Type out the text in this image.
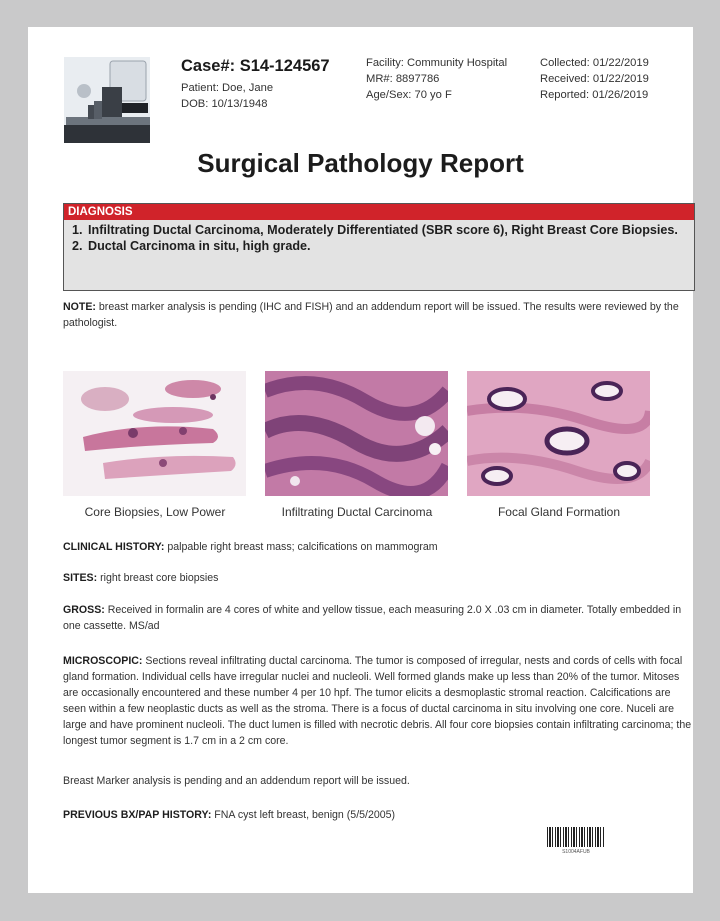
Case#: S14-124567
Patient: Doe, Jane
DOB: 10/13/1948
Facility: Community Hospital
MR#: 8897786
Age/Sex: 70 yo F
Collected: 01/22/2019
Received: 01/22/2019
Reported: 01/26/2019
Surgical Pathology Report
DIAGNOSIS
1. Infiltrating Ductal Carcinoma, Moderately Differentiated (SBR score 6), Right Breast Core Biopsies.
2. Ductal Carcinoma in situ, high grade.
NOTE: breast marker analysis is pending (IHC and FISH) and an addendum report will be issued. The results were reviewed by the pathologist.
Core Biopsies, Low Power	Infiltrating Ductal Carcinoma	Focal Gland Formation
CLINICAL HISTORY: palpable right breast mass; calcifications on mammogram
SITES: right breast core biopsies
GROSS: Received in formalin are 4 cores of white and yellow tissue, each measuring 2.0 X .03 cm in diameter. Totally embedded in one cassette. MS/ad
MICROSCOPIC: Sections reveal infiltrating ductal carcinoma. The tumor is composed of irregular, nests and cords of cells with focal gland formation. Individual cells have irregular nuclei and nucleoli. Well formed glands make up less than 20% of the tumor. Mitoses are occasionally encountered and these number 4 per 10 hpf. The tumor elicits a desmoplastic stromal reaction. Calcifications are seen within a few neoplastic ducts as well as the stroma. There is a focus of ductal carcinoma in situ involving one core. Nuceli are large and have prominent nucleoli. The duct lumen is filled with necrotic debris. All four core biopsies contain infiltrating carcinoma; the longest tumor segment is 1.7 cm in a 2 cm core.
Breast Marker analysis is pending and an addendum report will be issued.
PREVIOUS BX/PAP HISTORY: FNA cyst left breast, benign (5/5/2005)
S1004AFUB
